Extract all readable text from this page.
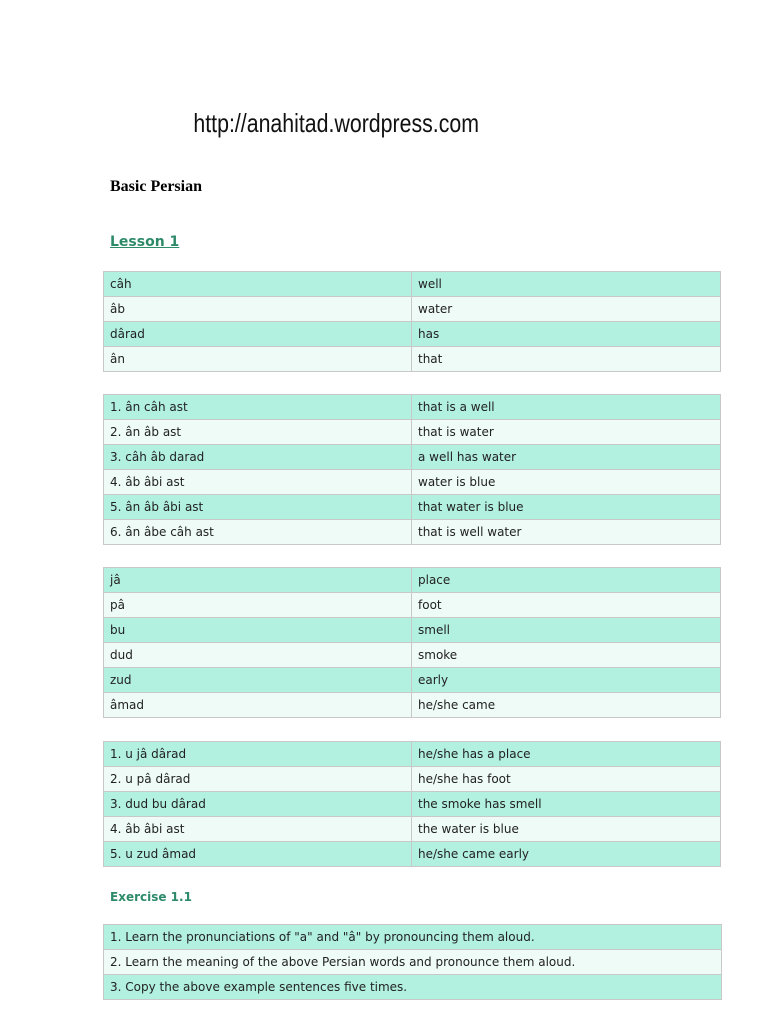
http://anahitad.wordpress.com
Basic Persian
Lesson 1
câh	well
âb	water
dârad	has
ân	that
1. ân câh ast	that is a well
2. ân âb ast	that is water
3. câh âb darad	a well has water
4. âb âbi ast	water is blue
5. ân âb âbi ast	that water is blue
6. ân âbe câh ast	that is well water
jâ	place
pâ	foot
bu	smell
dud	smoke
zud	early
âmad	he/she came
1. u jâ dârad	he/she has a place
2. u pâ dârad	he/she has foot
3. dud bu dârad	the smoke has smell
4. âb âbi ast	the water is blue
5. u zud âmad	he/she came early
Exercise 1.1
1. Learn the pronunciations of "a" and "â" by pronouncing them aloud.
2. Learn the meaning of the above Persian words and pronounce them aloud.
3. Copy the above example sentences five times.
